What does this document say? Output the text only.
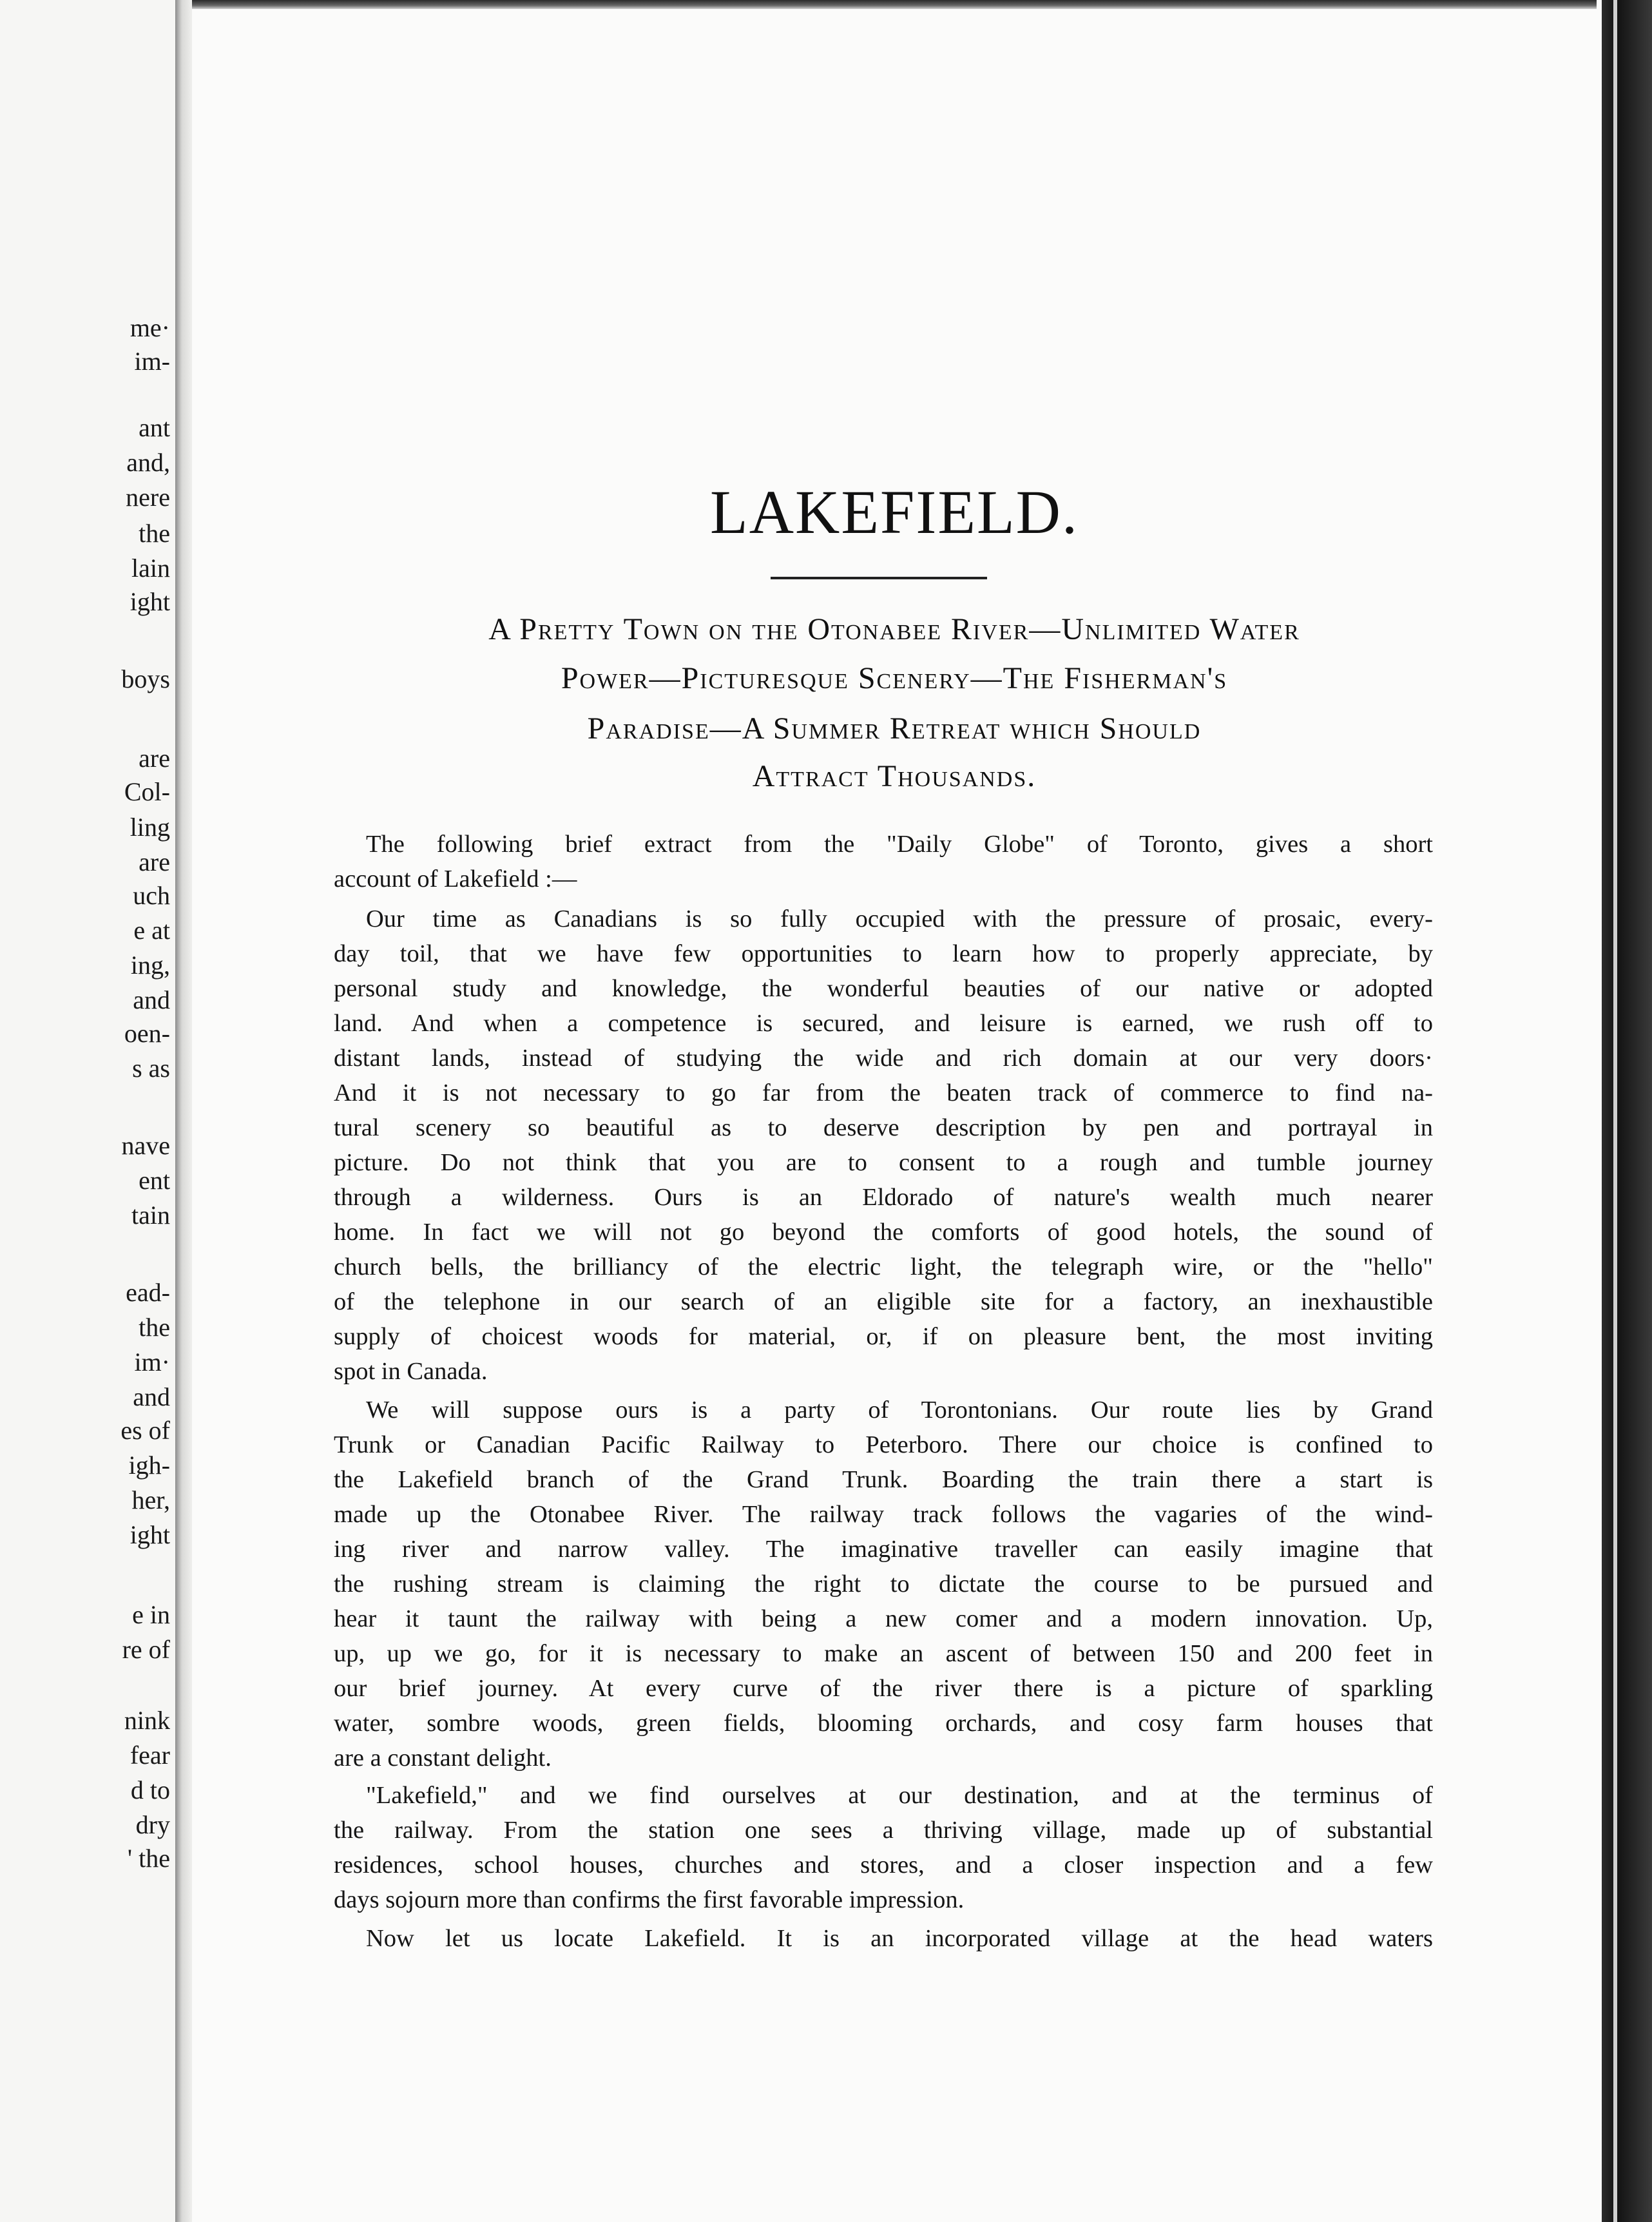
me·
im-
ant
and,
nere
the
lain
ight
boys
are
Col-
ling
are
uch
e at
ing,
and
oen-
s as
nave
ent
tain
ead-
the
im·
and
es of
igh-
her,
ight
e in
re of
nink
fear
d to
dry
' the
LAKEFIELD.
A Pretty Town on the Otonabee River—Unlimited Water
Power—Picturesque Scenery—The Fisherman's
Paradise—A Summer Retreat which Should
Attract Thousands.
The following brief extract from the "Daily Globe" of Toronto, gives a short
account of Lakefield :—
Our time as Canadians is so fully occupied with the pressure of prosaic, every-
day toil, that we have few opportunities to learn how to properly appreciate, by
personal study and knowledge, the wonderful beauties of our native or adopted
land. And when a competence is secured, and leisure is earned, we rush off to
distant lands, instead of studying the wide and rich domain at our very doors·
And it is not necessary to go far from the beaten track of commerce to find na-
tural scenery so beautiful as to deserve description by pen and portrayal in
picture. Do not think that you are to consent to a rough and tumble journey
through a wilderness. Ours is an Eldorado of nature's wealth much nearer
home. In fact we will not go beyond the comforts of good hotels, the sound of
church bells, the brilliancy of the electric light, the telegraph wire, or the "hello"
of the telephone in our search of an eligible site for a factory, an inexhaustible
supply of choicest woods for material, or, if on pleasure bent, the most inviting
spot in Canada.
We will suppose ours is a party of Torontonians. Our route lies by Grand
Trunk or Canadian Pacific Railway to Peterboro. There our choice is confined to
the Lakefield branch of the Grand Trunk. Boarding the train there a start is
made up the Otonabee River. The railway track follows the vagaries of the wind-
ing river and narrow valley. The imaginative traveller can easily imagine that
the rushing stream is claiming the right to dictate the course to be pursued and
hear it taunt the railway with being a new comer and a modern innovation. Up,
up, up we go, for it is necessary to make an ascent of between 150 and 200 feet in
our brief journey. At every curve of the river there is a picture of sparkling
water, sombre woods, green fields, blooming orchards, and cosy farm houses that
are a constant delight.
"Lakefield," and we find ourselves at our destination, and at the terminus of
the railway. From the station one sees a thriving village, made up of substantial
residences, school houses, churches and stores, and a closer inspection and a few
days sojourn more than confirms the first favorable impression.
Now let us locate Lakefield. It is an incorporated village at the head waters
